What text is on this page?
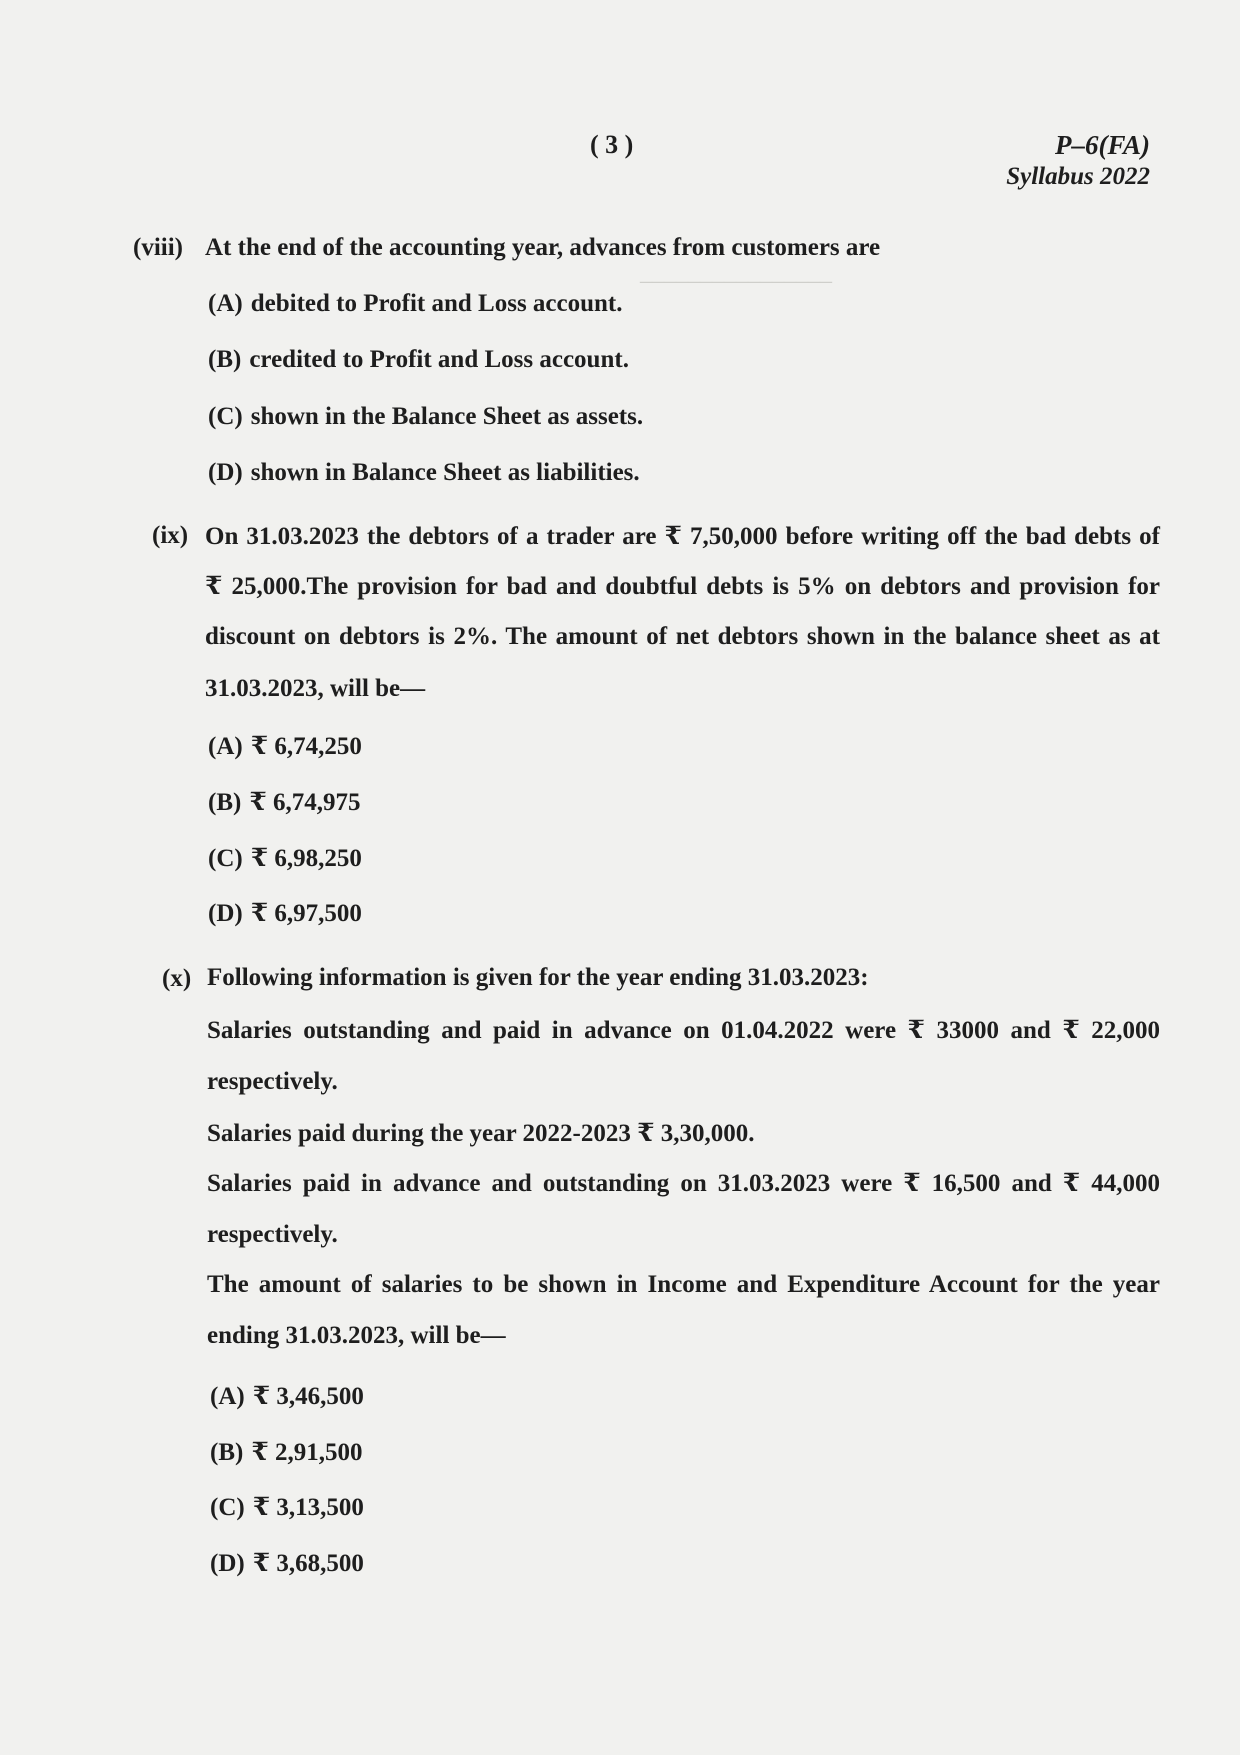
________________
( 3 )	P–6(FA)
Syllabus 2022
(viii) At the end of the accounting year, advances from customers are
(A) debited to Profit and Loss account.
(B) credited to Profit and Loss account.
(C) shown in the Balance Sheet as assets.
(D) shown in Balance Sheet as liabilities.
(ix) On 31.03.2023 the debtors of a trader are ₹ 7,50,000 before writing off the bad debts of
₹ 25,000.The provision for bad and doubtful debts is 5% on debtors and provision for
discount on debtors is 2%. The amount of net debtors shown in the balance sheet as at
31.03.2023, will be—
(A) ₹ 6,74,250
(B) ₹ 6,74,975
(C) ₹ 6,98,250
(D) ₹ 6,97,500
(x) Following information is given for the year ending 31.03.2023:
Salaries outstanding and paid in advance on 01.04.2022 were ₹ 33000 and ₹ 22,000
respectively.
Salaries paid during the year 2022-2023 ₹ 3,30,000.
Salaries paid in advance and outstanding on 31.03.2023 were ₹ 16,500 and ₹ 44,000
respectively.
The amount of salaries to be shown in Income and Expenditure Account for the year
ending 31.03.2023, will be—
(A) ₹ 3,46,500
(B) ₹ 2,91,500
(C) ₹ 3,13,500
(D) ₹ 3,68,500
